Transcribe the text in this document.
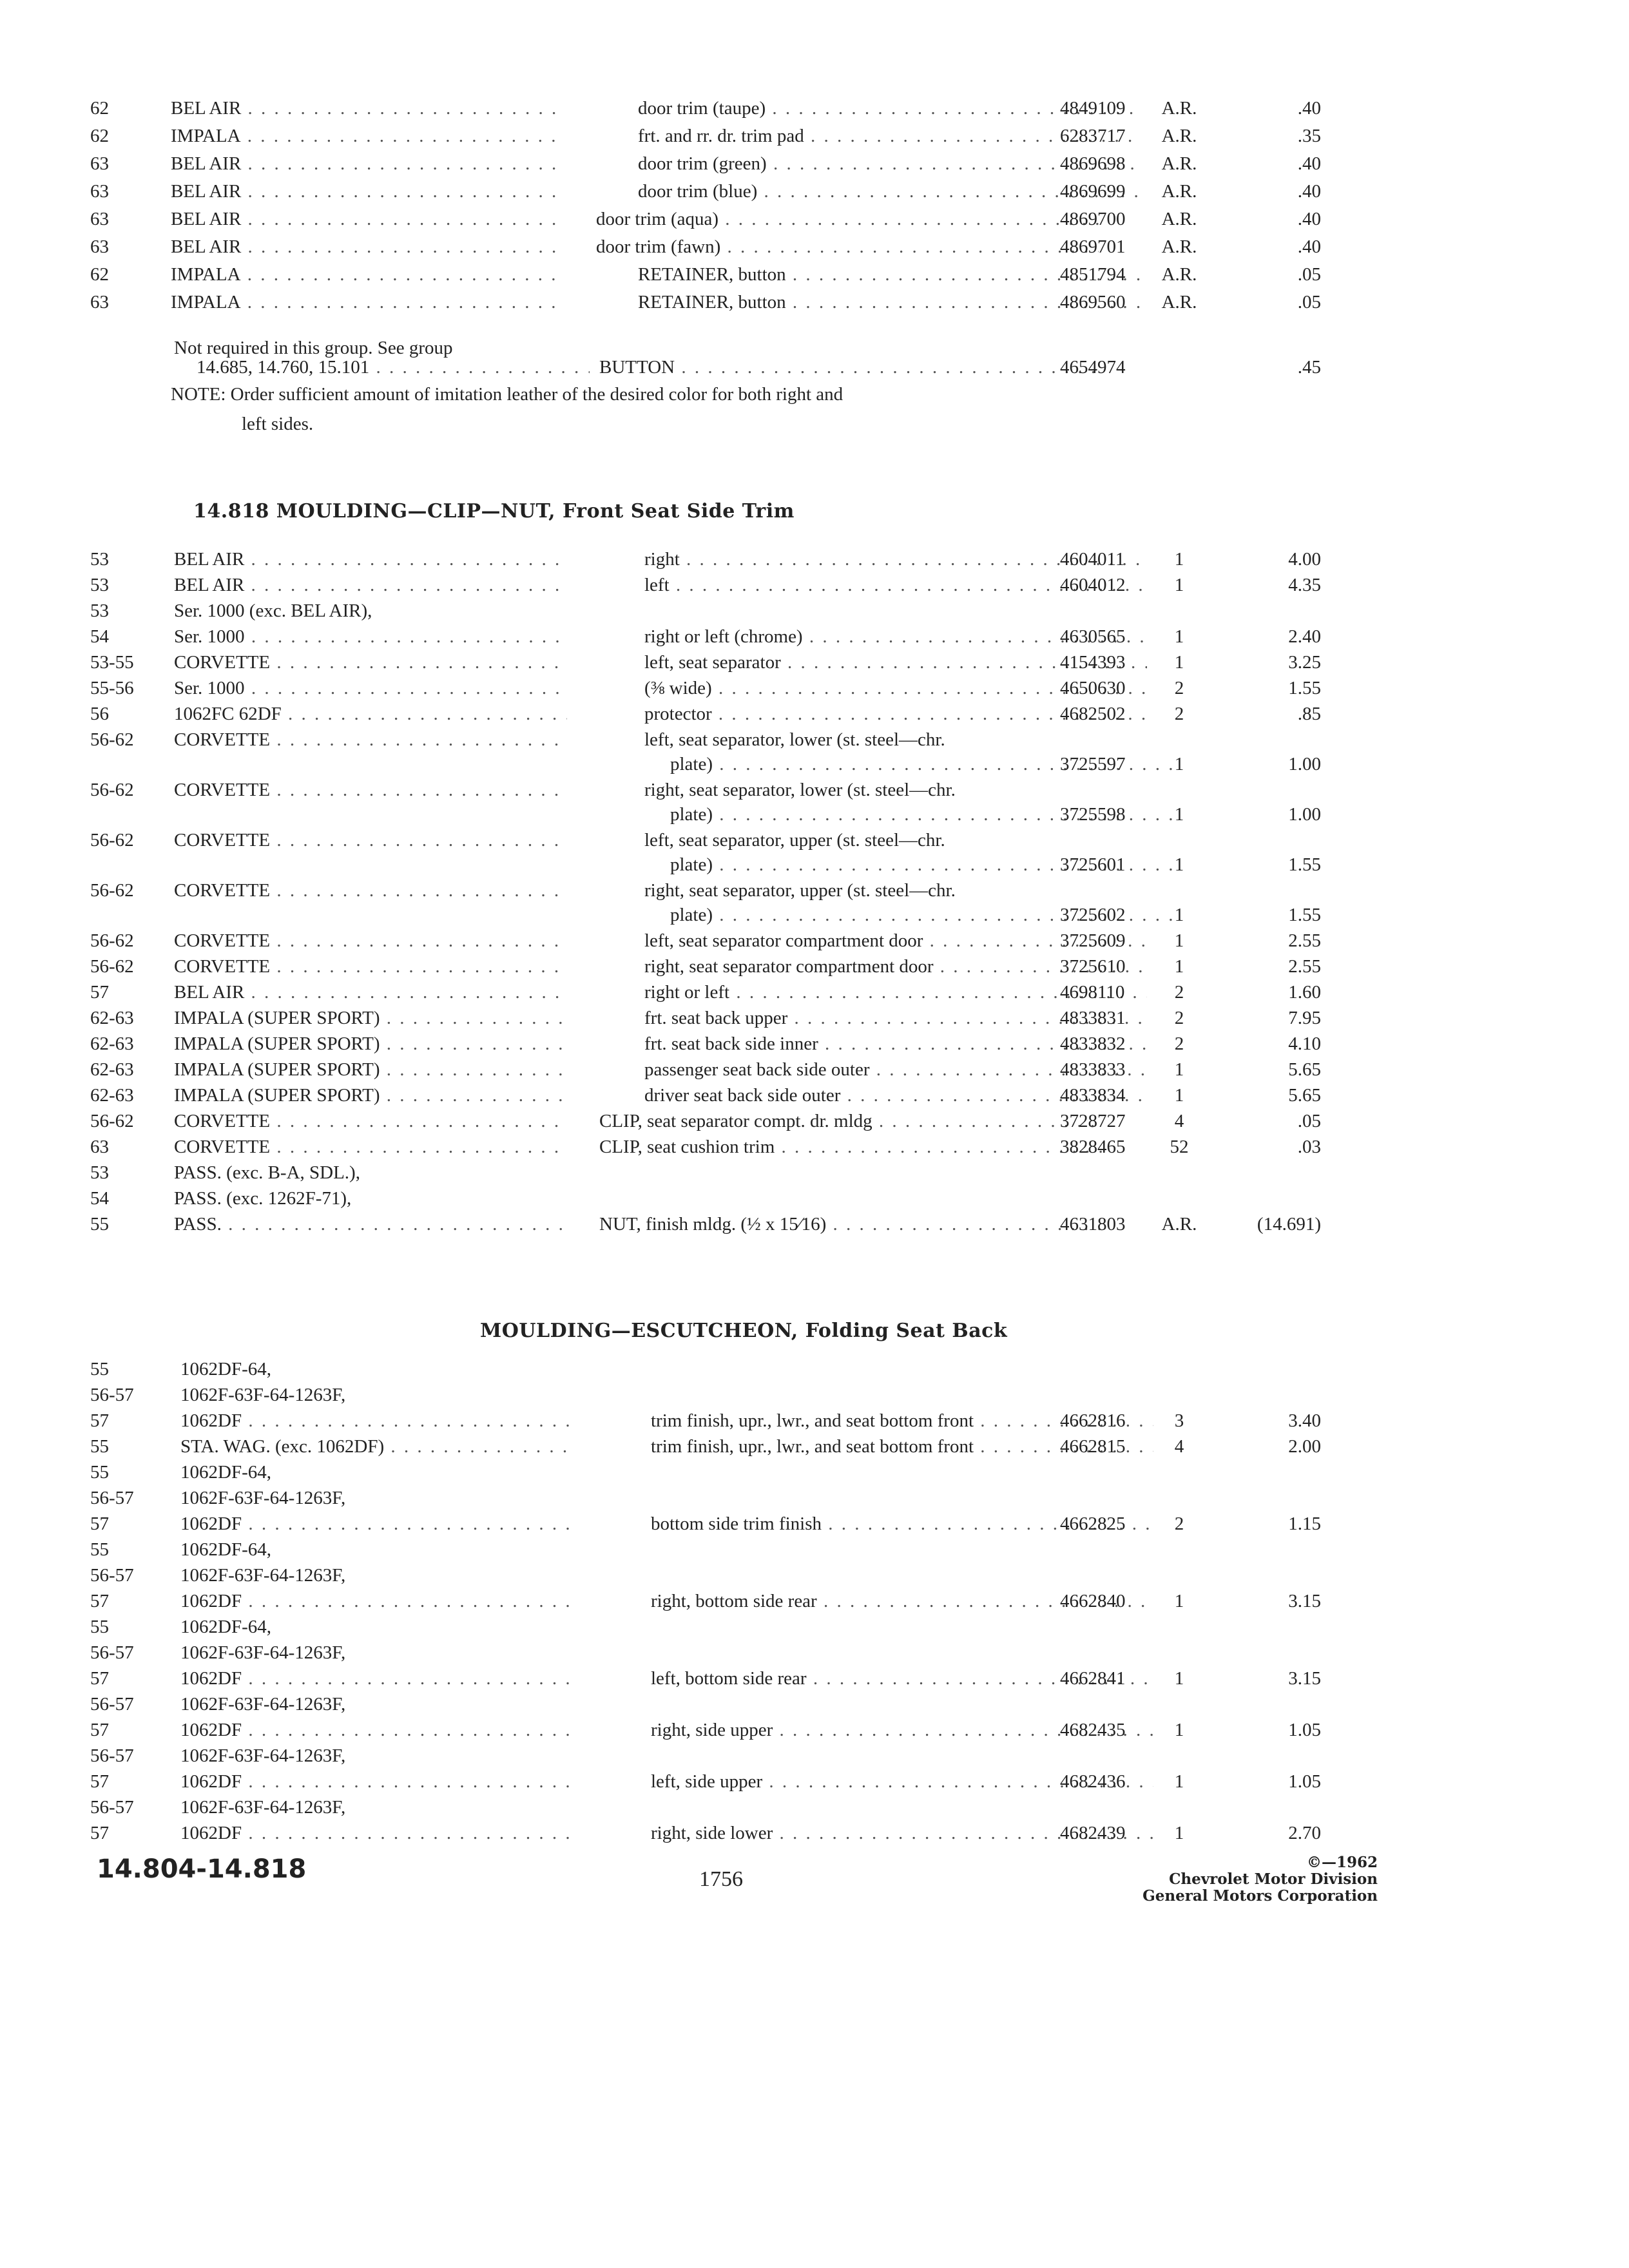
Not required in this group. See group
14.685, 14.760, 15.101 . . .	BUTTON . . .	4654974	.45
NOTE: Order sufficient amount of imitation leather of the desired color for both right and
left sides.
62	BEL AIR . . .	door trim (taupe) . . .	4849109	A.R.	.40
62	IMPALA . . .	frt. and rr. dr. trim pad . . .	6283717	A.R.	.35
63	BEL AIR . . .	door trim (green) . . .	4869698	A.R.	.40
63	BEL AIR . . .	door trim (blue) . . .	4869699	A.R.	.40
63	BEL AIR . . .	door trim (aqua) . . .	4869700	A.R.	.40
63	BEL AIR . . .	door trim (fawn) . . .	4869701	A.R.	.40
62	IMPALA . . .	RETAINER, button . . .	4851794	A.R.	.05
63	IMPALA . . .	RETAINER, button . . .	4869560	A.R.	.05
14.818 MOULDING—CLIP—NUT, Front Seat Side Trim
53	BEL AIR . . .	right . . .	4604011	1	4.00
53	BEL AIR . . .	left . . .	4604012	1	4.35
53	Ser. 1000 (exc. BEL AIR),
54	Ser. 1000 . . .	right or left (chrome) . . .	4630565	1	2.40
53-55 CORVETTE . . .	left, seat separator . . .	4154393	1	3.25
55-56 Ser. 1000 . . .	(⅜ wide) . . .	4650630	2	1.55
56	1062FC 62DF . . .	protector . . .	4682502	2	.85
56-62 CORVETTE . . .	left, seat separator, lower (st. steel—chr.
plate) . . .	3725597	1	1.00
56-62 CORVETTE . . .	right, seat separator, lower (st. steel—chr.
plate) . . .	3725598	1	1.00
56-62 CORVETTE . . .	left, seat separator, upper (st. steel—chr.
plate) . . .	3725601	1	1.55
56-62 CORVETTE . . .	right, seat separator, upper (st. steel—chr.
plate) . . .	3725602	1	1.55
56-62 CORVETTE . . .	left, seat separator compartment door . . .	3725609	1	2.55
56-62 CORVETTE . . .	right, seat separator compartment door . . .	3725610	1	2.55
57	BEL AIR . . .	right or left . . .	4698110	2	1.60
62-63 IMPALA (SUPER SPORT) . . .	frt. seat back upper . . .	4833831	2	7.95
62-63 IMPALA (SUPER SPORT) . . .	frt. seat back side inner . . .	4833832	2	4.10
62-63 IMPALA (SUPER SPORT) . . .	passenger seat back side outer . . .	4833833	1	5.65
62-63 IMPALA (SUPER SPORT) . . .	driver seat back side outer . . .	4833834	1	5.65
56-62 CORVETTE . . .	CLIP, seat separator compt. dr. mldg . . .	3728727	4	.05
63	CORVETTE . . .	CLIP, seat cushion trim . . .	3828465	52	.03
53	PASS. (exc. B-A, SDL.),
54	PASS. (exc. 1262F-71),
55	PASS. . . .	NUT, finish mldg. (½ x 15⁄16) . . .	4631803	A.R.	(14.691)
MOULDING—ESCUTCHEON, Folding Seat Back
55	1062DF-64,
56-57 1062F-63F-64-1263F,
57	1062DF . . .	trim finish, upr., lwr., and seat bottom front . . .	4662816	3	3.40
55	STA. WAG. (exc. 1062DF) . . .	trim finish, upr., lwr., and seat bottom front . . .	4662815	4	2.00
55	1062DF-64,
56-57 1062F-63F-64-1263F,
57	1062DF . . .	bottom side trim finish . . .	4662825	2	1.15
55	1062DF-64,
56-57 1062F-63F-64-1263F,
57	1062DF . . .	right, bottom side rear . . .	4662840	1	3.15
55	1062DF-64,
56-57 1062F-63F-64-1263F,
57	1062DF . . .	left, bottom side rear . . .	4662841	1	3.15
56-57 1062F-63F-64-1263F,
57	1062DF . . .	right, side upper . . .	4682435	1	1.05
56-57 1062F-63F-64-1263F,
57	1062DF . . .	left, side upper . . .	4682436	1	1.05
56-57 1062F-63F-64-1263F,
57	1062DF . . .	right, side lower . . .	4682439	1	2.70
14.804-14.818	1756
©—1962
Chevrolet Motor Division
General Motors Corporation
